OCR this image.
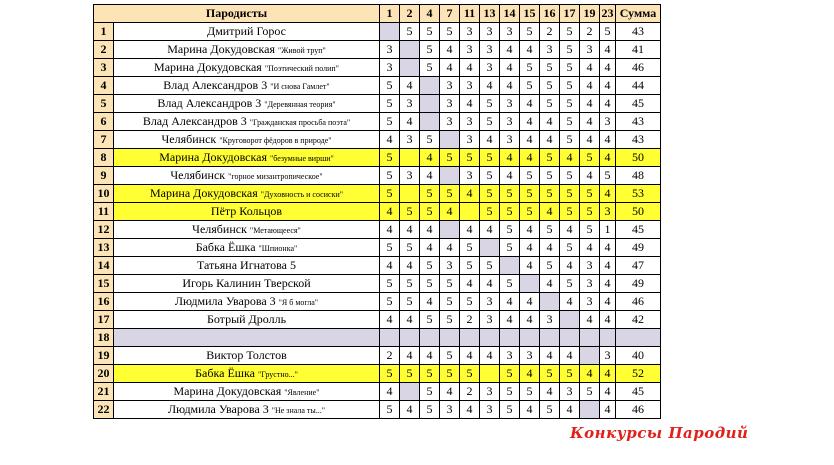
Пародисты		1	2	4	7	11	13	14	15	16	17	19	23	Сумма
1	Дмитрий Горос		5	5	5	3	3	3	5	2	5	2	5	43
2	Марина Докудовская "Живой труп"	3		5	4	3	3	4	4	3	5	3	4	41
3	Марина Докудовская "Поэтический полип"	3		5	4	4	3	4	5	5	5	4	4	46
4	Влад Александров 3 "И снова Гамлет"	5	4		3	3	4	4	5	5	5	4	4	44
5	Влад Александров 3 "Деревянная теория"	5	3		3	4	5	3	4	5	5	4	4	45
6	Влад Александров 3 "Гражданская просьба поэта"	5	4		3	3	5	3	4	4	5	4	3	43
7	Челябинск "Круговорот фёдоров в природе"	4	3	5		3	4	3	4	4	5	4	4	43
8	Марина Докудовская "безумные вирши"	5		4	5	5	5	4	4	5	4	5	4	50
9	Челябинск "горное мизантропическое"	5	3	4		3	5	4	5	5	5	4	5	48
10	Марина Докудовская "Духовность и сосиски"	5		5	5	4	5	5	5	5	5	5	4	53
11	Пётр Кольцов	4	5	5	4		5	5	5	4	5	5	3	50
12	Челябинск "Метающееся"	4	4	4		4	4	5	4	5	4	5	1	45
13	Бабка Ёшка "Шпионка"	5	5	4	4	5		5	4	4	5	4	4	49
14	Татьяна Игнатова 5	4	4	5	3	5	5		4	5	4	3	4	47
15	Игорь Калинин Тверской	5	5	5	5	4	4	5		4	5	3	4	49
16	Людмила Уварова 3 "Я б могла"	5	5	4	5	5	3	4	4		4	3	4	46
17	Ботрый Дролль	4	4	5	5	2	3	4	4	3		4	4	42
18														
19	Виктор Толстов	2	4	4	5	4	4	3	3	4	4		3	40
20	Бабка Ёшка "Грустно..."	5	5	5	5	5		5	4	5	5	4	4	52
21	Марина Докудовская "Явление"	4		5	4	2	3	5	5	4	3	5	4	45
22	Людмила Уварова 3 "Не знала ты..."	5	4	5	3	4	3	5	4	5	4		4	46
Конкурсы Пародий
